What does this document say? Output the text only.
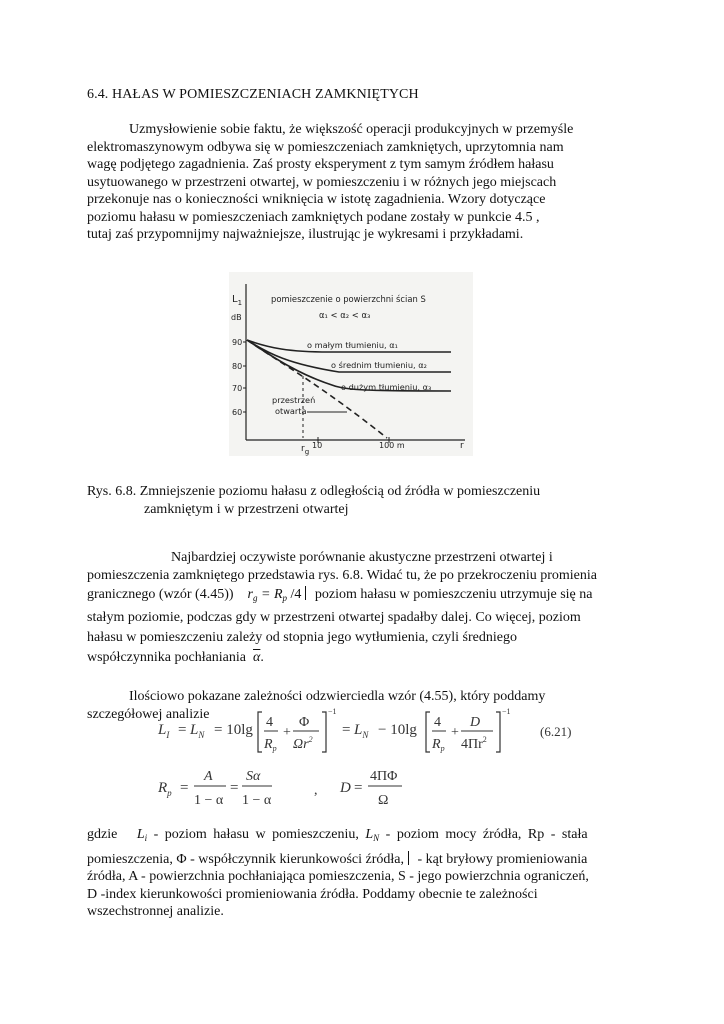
6.4. HAŁAS W POMIESZCZENIACH ZAMKNIĘTYCH
Uzmysłowienie sobie faktu, że większość operacji produkcyjnych w przemyśle
elektromaszynowym odbywa się w pomieszczeniach zamkniętych, uprzytomnia nam
wagę podjętego zagadnienia. Zaś prosty eksperyment z tym samym źródłem hałasu
usytuowanego w przestrzeni otwartej, w pomieszczeniu i w różnych jego miejscach
przekonuje nas o konieczności wniknięcia w istotę zagadnienia. Wzory dotyczące
poziomu hałasu w pomieszczeniach zamkniętych podane zostały w punkcie 4.5 ,
tutaj zaś przypomnijmy najważniejsze, ilustrując je wykresami i przykładami.
$L_1$
dB
90
80
70
60
10	100 m	r
$r_g$
pomieszczenie o powierzchni ścian S
α₁ < α₂ < α₃
o małym tłumieniu, α₁
o średnim tłumieniu, α₂
o dużym tłumieniu, α₃
przestrzeń
otwarta
Rys. 6.8. Zmniejszenie poziomu hałasu z odległością od źródła w pomieszczeniu
zamkniętym i w przestrzeni otwartej
Najbardziej oczywiste porównanie akustyczne przestrzeni otwartej i
pomieszczenia zamkniętego przedstawia rys. 6.8. Widać tu, że po przekroczeniu promienia
granicznego (wzór (4.45)) $r_g = R_p$ /4 poziom hałasu w pomieszczeniu utrzymuje się na
stałym poziomie, podczas gdy w przestrzeni otwartej spadałby dalej. Co więcej, poziom
hałasu w pomieszczeniu zależy od stopnia jego wytłumienia, czyli średniego
współczynnika pochłaniania $\overline{\alpha}$.
Ilościowo pokazane zależności odzwierciedla wzór (4.55), który poddamy
szczegółowej analizie
$L_I = L_N = 10\lg$ 4
$R_p$
+
Φ
$\Omega r^2$
−1
= $L_N - 10\lg$ 4
$R_p$
+
D
$4\Pi r^2$
−1
(6.21)
$R_p$ =
A
1 − α
=
Sα
1 − α
, D =
4ΠΦ
Ω
gdzie $L_i$ - poziom hałasu w pomieszczeniu, $L_N$ - poziom mocy źródła, Rp - stała
pomieszczenia, Φ - współczynnik kierunkowości źródła, - kąt bryłowy promieniowania
źródła, A - powierzchnia pochłaniająca pomieszczenia, S - jego powierzchnia ograniczeń,
D -index kierunkowości promieniowania źródła. Poddamy obecnie te zależności
wszechstronnej analizie.
